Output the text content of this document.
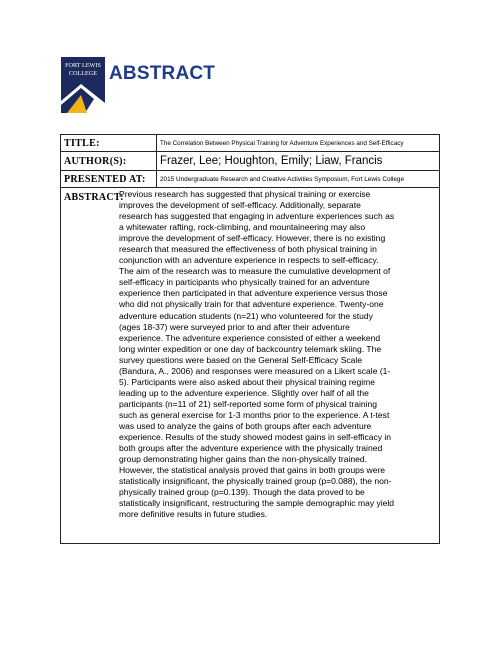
FORT LEWIS
COLLEGE ABSTRACT
TITLE:	The Correlation Between Physical Training for Adventure Experiences and Self-Efficacy
AUTHOR(S):	Frazer, Lee; Houghton, Emily; Liaw, Francis
PRESENTED AT:	2015 Undergraduate Research and Creative Activities Symposium, Fort Lewis College
ABSTRACT:
Previous research has suggested that physical training or exercise
improves the development of self-efficacy. Additionally, separate
research has suggested that engaging in adventure experiences such as
a whitewater rafting, rock-climbing, and mountaineering may also
improve the development of self-efficacy. However, there is no existing
research that measured the effectiveness of both physical training in
conjunction with an adventure experience in respects to self-efficacy.
The aim of the research was to measure the cumulative development of
self-efficacy in participants who physically trained for an adventure
experience then participated in that adventure experience versus those
who did not physically train for that adventure experience. Twenty-one
adventure education students (n=21) who volunteered for the study
(ages 18-37) were surveyed prior to and after their adventure
experience. The adventure experience consisted of either a weekend
long winter expedition or one day of backcountry telemark skiing. The
survey questions were based on the General Self-Efficacy Scale
(Bandura, A., 2006) and responses were measured on a Likert scale (1-
5). Participants were also asked about their physical training regime
leading up to the adventure experience. Slightly over half of all the
participants (n=11 of 21) self-reported some form of physical training
such as general exercise for 1-3 months prior to the experience. A t-test
was used to analyze the gains of both groups after each adventure
experience. Results of the study showed modest gains in self-efficacy in
both groups after the adventure experience with the physically trained
group demonstrating higher gains than the non-physically trained.
However, the statistical analysis proved that gains in both groups were
statistically insignificant, the physically trained group (p=0.088), the non-
physically trained group (p=0.139). Though the data proved to be
statistically insignificant, restructuring the sample demographic may yield
more definitive results in future studies.
